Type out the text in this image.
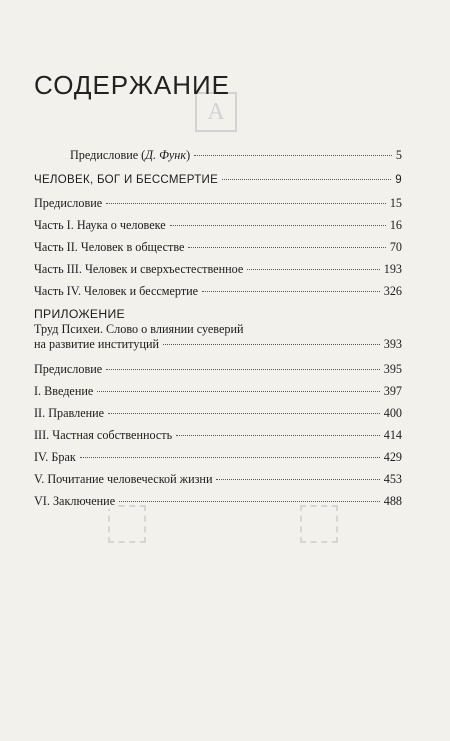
A
СОДЕРЖАНИЕ
Предисловие (Д. Функ)	5
ЧЕЛОВЕК, БОГ И БЕССМЕРТИЕ	9
Предисловие	15
Часть I. Наука о человеке	16
Часть II. Человек в обществе	70
Часть III. Человек и сверхъестественное	193
Часть IV. Человек и бессмертие	326
ПРИЛОЖЕНИЕ
Труд Психеи. Слово о влиянии суеверий
на развитие институций	393
Предисловие	395
I. Введение	397
II. Правление	400
III. Частная собственность	414
IV. Брак	429
V. Почитание человеческой жизни	453
VI. Заключение	488
